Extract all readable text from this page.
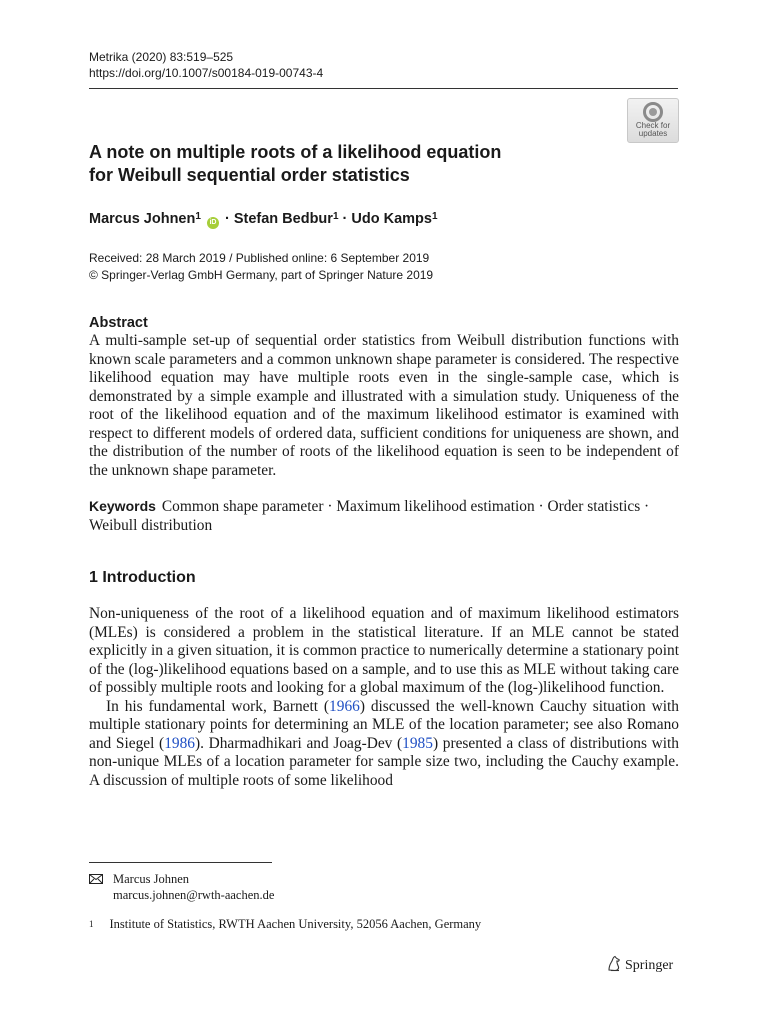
Metrika (2020) 83:519–525
https://doi.org/10.1007/s00184-019-00743-4
Check for
updates
A note on multiple roots of a likelihood equation
for Weibull sequential order statistics
Marcus Johnen$^1$ iD · Stefan Bedbur$^1$ · Udo Kamps$^1$
Received: 28 March 2019 / Published online: 6 September 2019
© Springer-Verlag GmbH Germany, part of Springer Nature 2019
Abstract

A multi-sample set-up of sequential order statistics from Weibull distribution functions with known scale parameters and a common unknown shape parameter is considered. The respective likelihood equation may have multiple roots even in the single-sample case, which is demonstrated by a simple example and illustrated with a simulation study. Uniqueness of the root of the likelihood equation and of the maximum likelihood estimator is examined with respect to different models of ordered data, sufficient conditions for uniqueness are shown, and the distribution of the number of roots of the likelihood equation is seen to be independent of the unknown shape parameter.

Keywords Common shape parameter · Maximum likelihood estimation · Order statistics · Weibull distribution
1 Introduction

Non-uniqueness of the root of a likelihood equation and of maximum likelihood estimators (MLEs) is considered a problem in the statistical literature. If an MLE cannot be stated explicitly in a given situation, it is common practice to numerically determine a stationary point of the (log-)likelihood equations based on a sample, and to use this as MLE without taking care of possibly multiple roots and looking for a global maximum of the (log-)likelihood function.

In his fundamental work, Barnett (1966) discussed the well-known Cauchy situation with multiple stationary points for determining an MLE of the location parameter; see also Romano and Siegel (1986). Dharmadhikari and Joag-Dev (1985) presented a class of distributions with non-unique MLEs of a location parameter for sample size two, including the Cauchy example. A discussion of multiple roots of some likelihood

Marcus Johnen
marcus.johnen@rwth-aachen.de
$^1$ Institute of Statistics, RWTH Aachen University, 52056 Aachen, Germany
Springer
